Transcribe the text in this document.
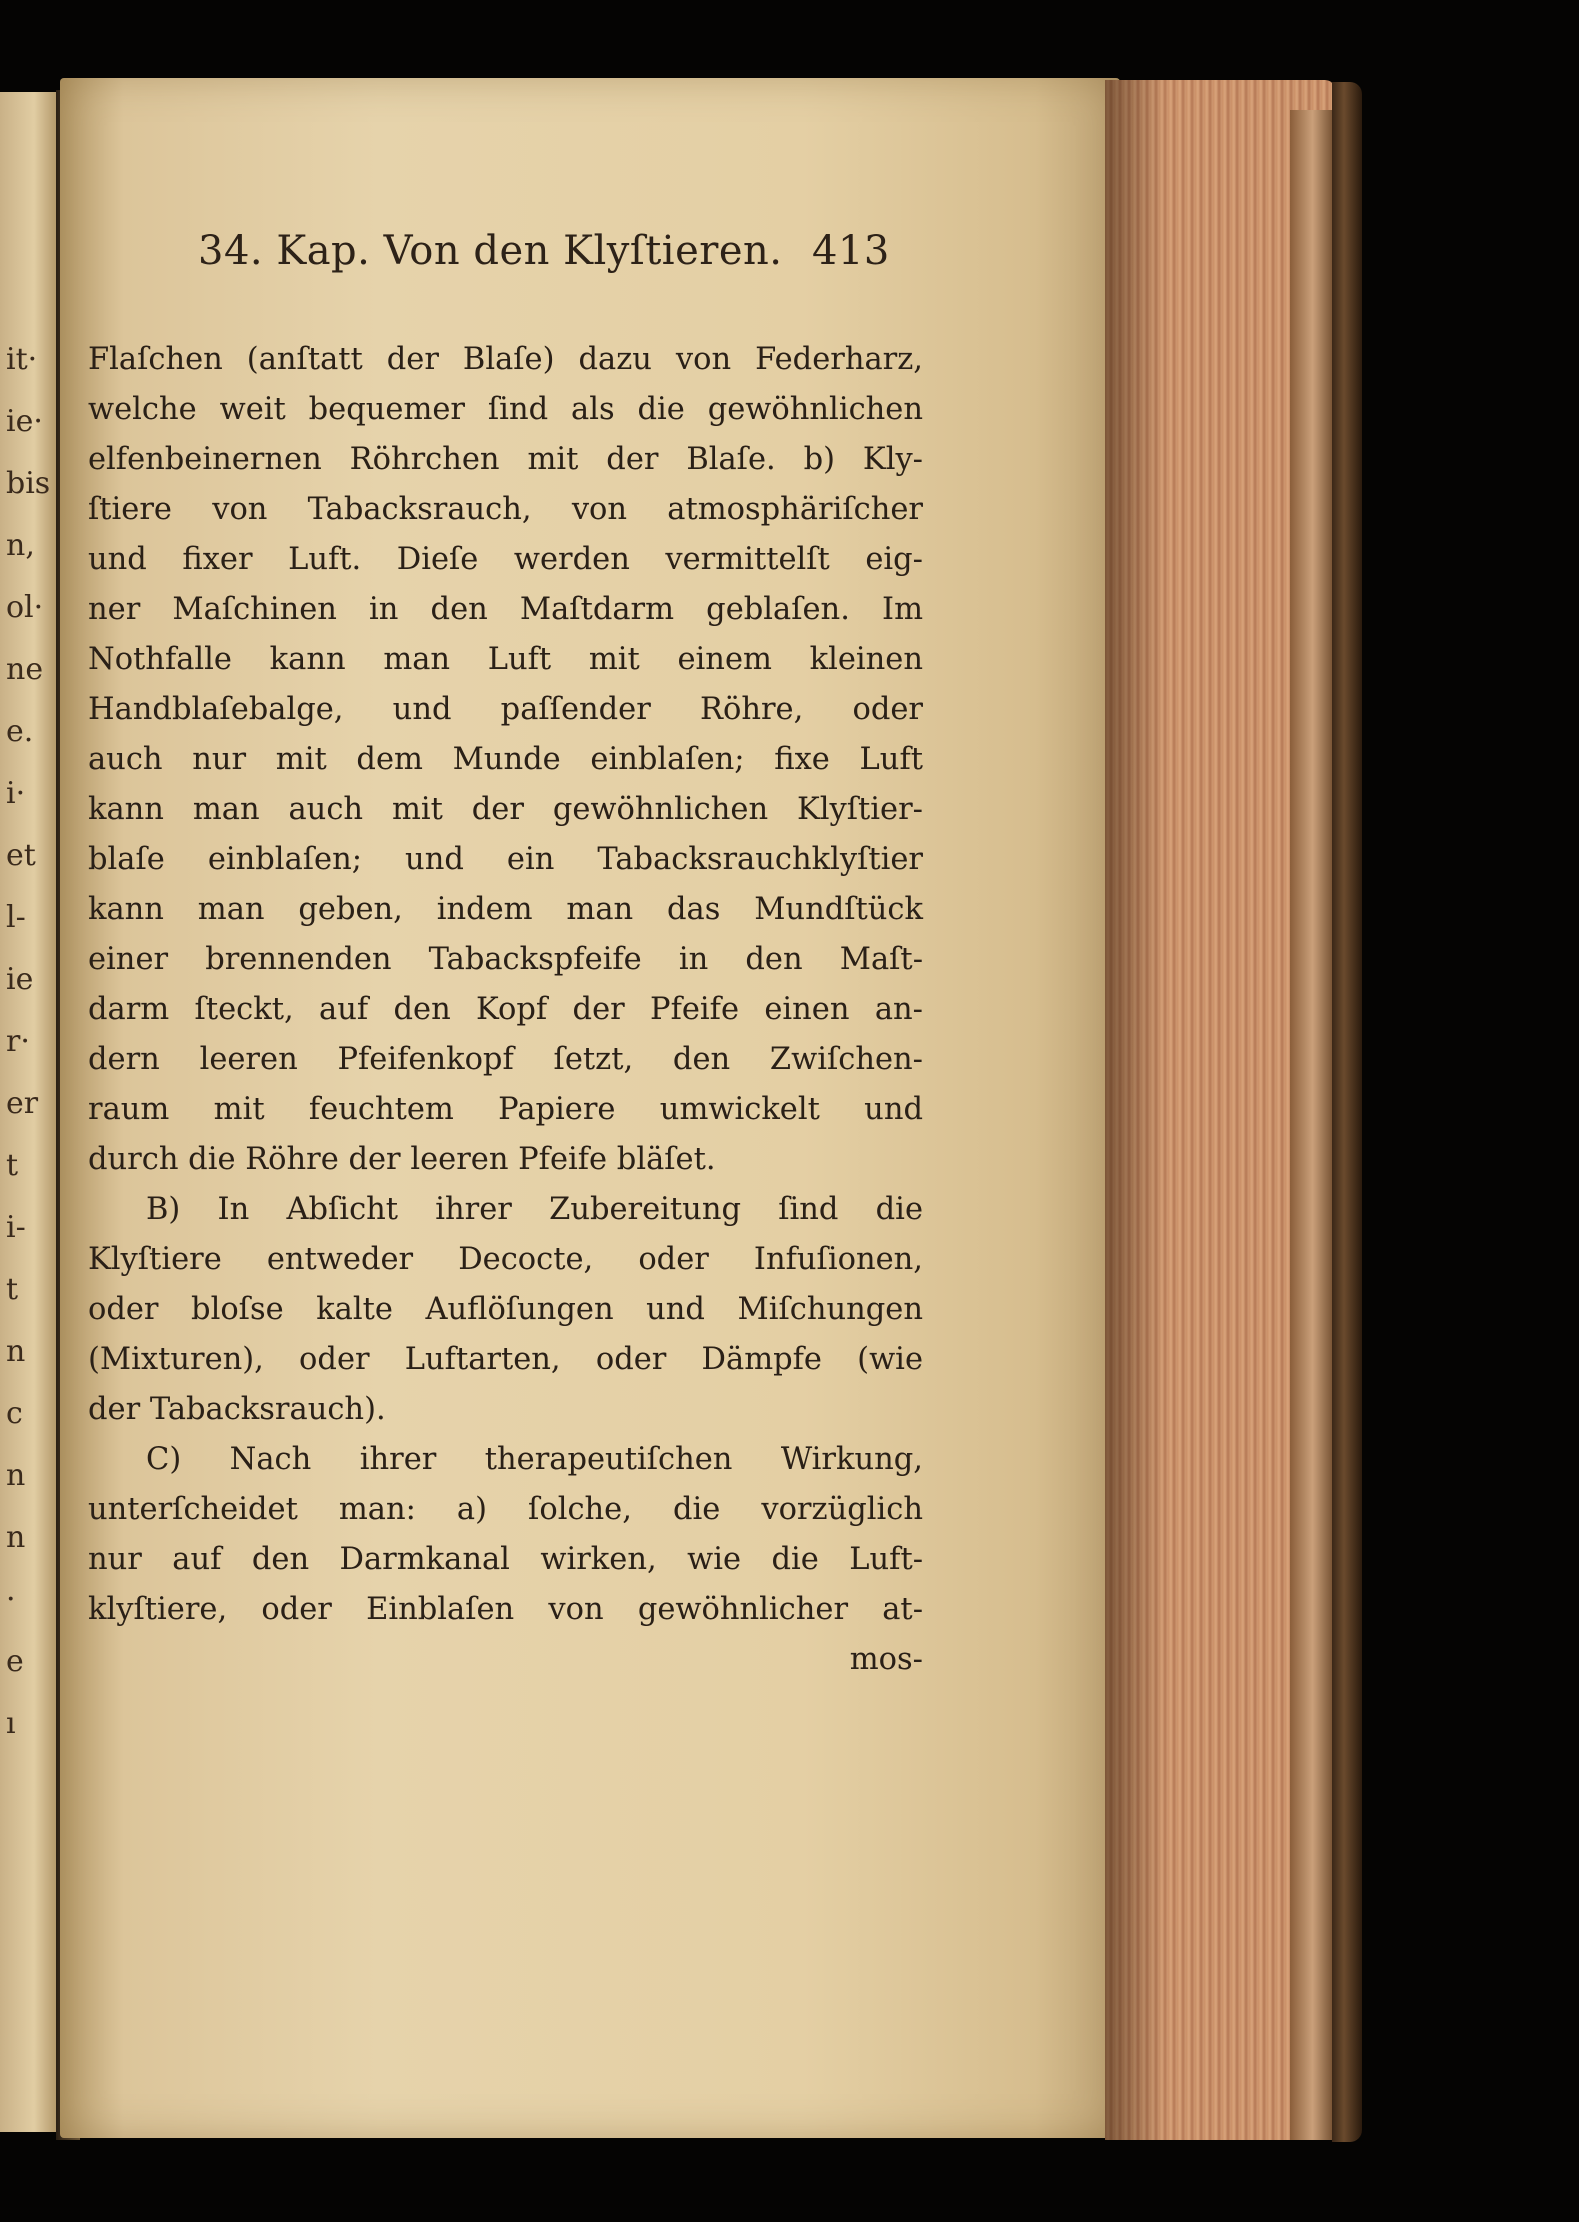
it·
ie·
bis
n,
ol·
ne
e.
i·
et
l-
ie
r·
er
t
i-
t
n
c
n
n
·
e
ı
34. Kap. Von den Klyſtieren. 413
Flaſchen (anſtatt der Blaſe) dazu von Federharz,
welche weit bequemer ſind als die gewöhnlichen
elfenbeinernen Röhrchen mit der Blaſe. b) Kly-
ſtiere von Tabacksrauch, von atmosphäriſcher
und fixer Luft. Dieſe werden vermittelſt eig-
ner Maſchinen in den Maſtdarm geblaſen. Im
Nothfalle kann man Luft mit einem kleinen
Handblaſebalge, und paſſender Röhre, oder
auch nur mit dem Munde einblaſen; fixe Luft
kann man auch mit der gewöhnlichen Klyſtier-
blaſe einblaſen; und ein Tabacksrauchklyſtier
kann man geben, indem man das Mundſtück
einer brennenden Tabackspfeife in den Maſt-
darm ſteckt, auf den Kopf der Pfeife einen an-
dern leeren Pfeifenkopf ſetzt, den Zwiſchen-
raum mit feuchtem Papiere umwickelt und
durch die Röhre der leeren Pfeife bläſet.
B) In Abſicht ihrer Zubereitung ſind die
Klyſtiere entweder Decocte, oder Infuſionen,
oder bloſse kalte Auflöſungen und Miſchungen
(Mixturen), oder Luftarten, oder Dämpfe (wie
der Tabacksrauch).
C) Nach ihrer therapeutiſchen Wirkung,
unterſcheidet man: a) ſolche, die vorzüglich
nur auf den Darmkanal wirken, wie die Luft-
klyſtiere, oder Einblaſen von gewöhnlicher at-
mos-
